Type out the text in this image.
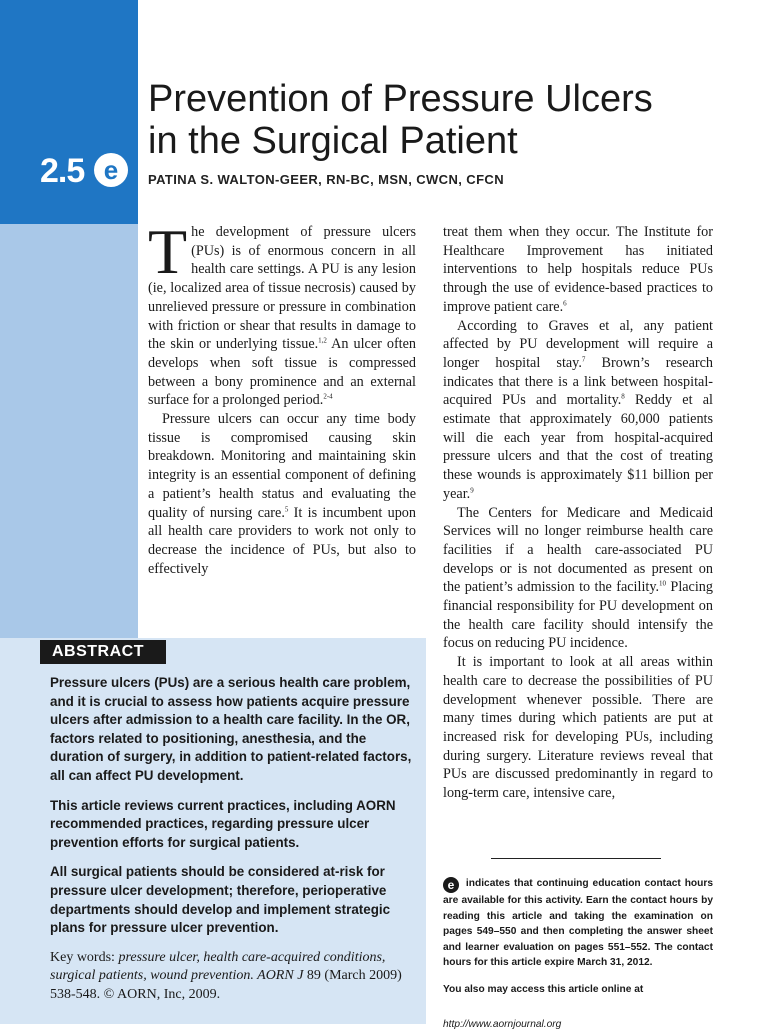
2.5 e
Prevention of Pressure Ulcers
in the Surgical Patient
PATINA S. WALTON-GEER, RN-BC, MSN, CWCN, CFCN

The development of pressure ulcers (PUs) is of enormous concern in all health care settings. A PU is any lesion (ie, localized area of tissue necrosis) caused by unrelieved pressure or pressure in combination with friction or shear that results in damage to the skin or underlying tissue.$^{1,2}$ An ulcer often develops when soft tissue is compressed between a bony prominence and an external surface for a prolonged period.$^{2-4}$

Pressure ulcers can occur any time body tissue is compromised causing skin breakdown. Monitoring and maintaining skin integrity is an essential component of defining a patient’s health status and evaluating the quality of nursing care.$^5$ It is incumbent upon all health care providers to work not only to decrease the incidence of PUs, but also to effectively

treat them when they occur. The Institute for Healthcare Improvement has initiated interventions to help hospitals reduce PUs through the use of evidence-based practices to improve patient care.$^6$

According to Graves et al, any patient affected by PU development will require a longer hospital stay.$^7$ Brown’s research indicates that there is a link between hospital-acquired PUs and mortality.$^8$ Reddy et al estimate that approximately 60,000 patients will die each year from hospital-acquired pressure ulcers and that the cost of treating these wounds is approximately $11 billion per year.$^9$

The Centers for Medicare and Medicaid Services will no longer reimburse health care facilities if a health care-associated PU develops or is not documented as present on the patient’s admission to the facility.$^{10}$ Placing financial responsibility for PU development on the health care facility should intensify the focus on reducing PU incidence.

It is important to look at all areas within health care to decrease the possibilities of PU development whenever possible. There are many times during which patients are put at increased risk for developing PUs, including during surgery. Literature reviews reveal that PUs are discussed predominantly in regard to long-term care, intensive care,

ABSTRACT

Pressure ulcers (PUs) are a serious health care problem, and it is crucial to assess how patients acquire pressure ulcers after admission to a health care facility. In the OR, factors related to positioning, anesthesia, and the duration of surgery, in addition to patient-related factors, all can affect PU development.

This article reviews current practices, including AORN recommended practices, regarding pressure ulcer prevention efforts for surgical patients.

All surgical patients should be considered at-risk for pressure ulcer development; therefore, perioperative departments should develop and implement strategic plans for pressure ulcer prevention.

Key words: pressure ulcer, health care-acquired conditions, surgical patients, wound prevention. AORN J 89 (March 2009) 538-548. © AORN, Inc, 2009.

e indicates that continuing education contact hours are available for this activity. Earn the contact hours by reading this article and taking the examination on pages 549–550 and then completing the answer sheet and learner evaluation on pages 551–552. The contact hours for this article expire March 31, 2012.

You also may access this article online at

http://www.aornjournal.org
